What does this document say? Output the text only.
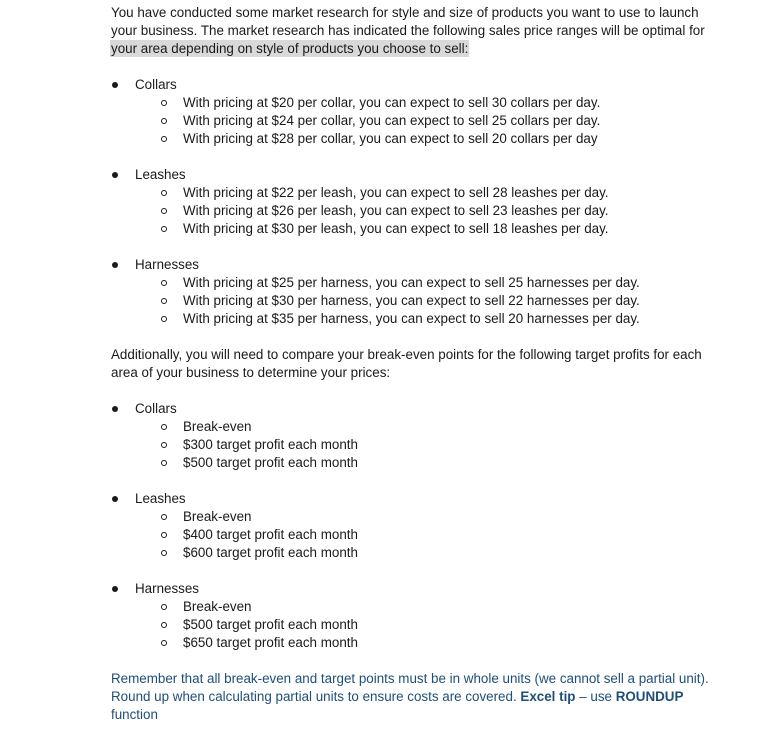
You have conducted some market research for style and size of products you want to use to launch your business. The market research has indicated the following sales price ranges will be optimal for your area depending on style of products you choose to sell:

Collars
With pricing at $20 per collar, you can expect to sell 30 collars per day.
With pricing at $24 per collar, you can expect to sell 25 collars per day.
With pricing at $28 per collar, you can expect to sell 20 collars per day
Leashes
With pricing at $22 per leash, you can expect to sell 28 leashes per day.
With pricing at $26 per leash, you can expect to sell 23 leashes per day.
With pricing at $30 per leash, you can expect to sell 18 leashes per day.
Harnesses
With pricing at $25 per harness, you can expect to sell 25 harnesses per day.
With pricing at $30 per harness, you can expect to sell 22 harnesses per day.
With pricing at $35 per harness, you can expect to sell 20 harnesses per day.

Additionally, you will need to compare your break-even points for the following target profits for each area of your business to determine your prices:

Collars
Break-even
$300 target profit each month
$500 target profit each month
Leashes
Break-even
$400 target profit each month
$600 target profit each month
Harnesses
Break-even
$500 target profit each month
$650 target profit each month

Remember that all break-even and target points must be in whole units (we cannot sell a partial unit). Round up when calculating partial units to ensure costs are covered. Excel tip – use ROUNDUP function
